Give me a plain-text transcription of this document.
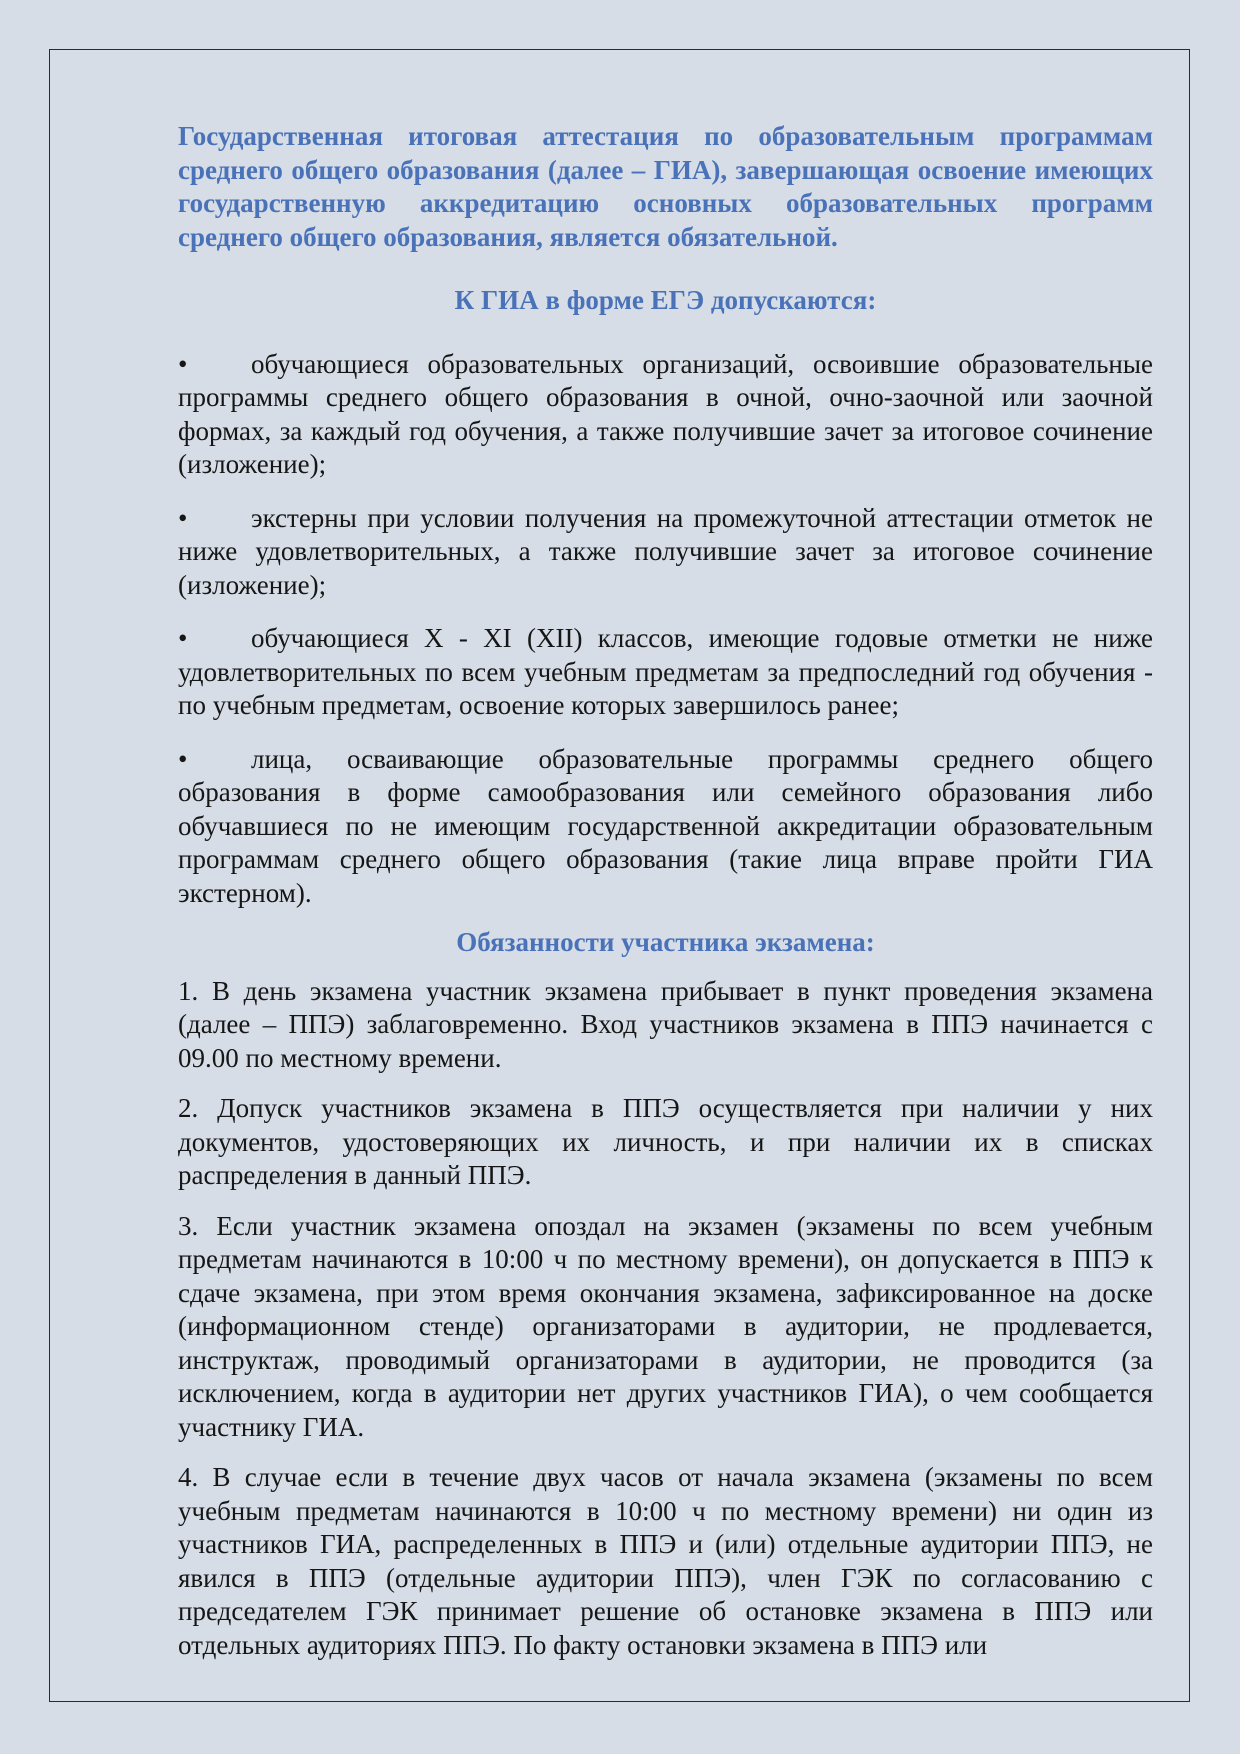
Государственная итоговая аттестация по образовательным программам среднего общего образования (далее – ГИА), завершающая освоение имеющих государственную аккредитацию основных образовательных программ среднего общего образования, является обязательной.

К ГИА в форме ЕГЭ допускаются:

• обучающиеся образовательных организаций, освоившие образовательные программы среднего общего образования в очной, очно-заочной или заочной формах, за каждый год обучения, а также получившие зачет за итоговое сочинение (изложение);
• экстерны при условии получения на промежуточной аттестации отметок не ниже удовлетворительных, а также получившие зачет за итоговое сочинение (изложение);
• обучающиеся X - XI (XII) классов, имеющие годовые отметки не ниже удовлетворительных по всем учебным предметам за предпоследний год обучения - по учебным предметам, освоение которых завершилось ранее;
• лица, осваивающие образовательные программы среднего общего образования в форме самообразования или семейного образования либо обучавшиеся по не имеющим государственной аккредитации образовательным программам среднего общего образования (такие лица вправе пройти ГИА экстерном).

Обязанности участника экзамена:

1. В день экзамена участник экзамена прибывает в пункт проведения экзамена (далее – ППЭ) заблаговременно. Вход участников экзамена в ППЭ начинается с 09.00 по местному времени.

2. Допуск участников экзамена в ППЭ осуществляется при наличии у них документов, удостоверяющих их личность, и при наличии их в списках распределения в данный ППЭ.

3. Если участник экзамена опоздал на экзамен (экзамены по всем учебным предметам начинаются в 10:00 ч по местному времени), он допускается в ППЭ к сдаче экзамена, при этом время окончания экзамена, зафиксированное на доске (информационном стенде) организаторами в аудитории, не продлевается, инструктаж, проводимый организаторами в аудитории, не проводится (за исключением, когда в аудитории нет других участников ГИА), о чем сообщается участнику ГИА.

4. В случае если в течение двух часов от начала экзамена (экзамены по всем учебным предметам начинаются в 10:00 ч по местному времени) ни один из участников ГИА, распределенных в ППЭ и (или) отдельные аудитории ППЭ, не явился в ППЭ (отдельные аудитории ППЭ), член ГЭК по согласованию с председателем ГЭК принимает решение об остановке экзамена в ППЭ или отдельных аудиториях ППЭ. По факту остановки экзамена в ППЭ или
